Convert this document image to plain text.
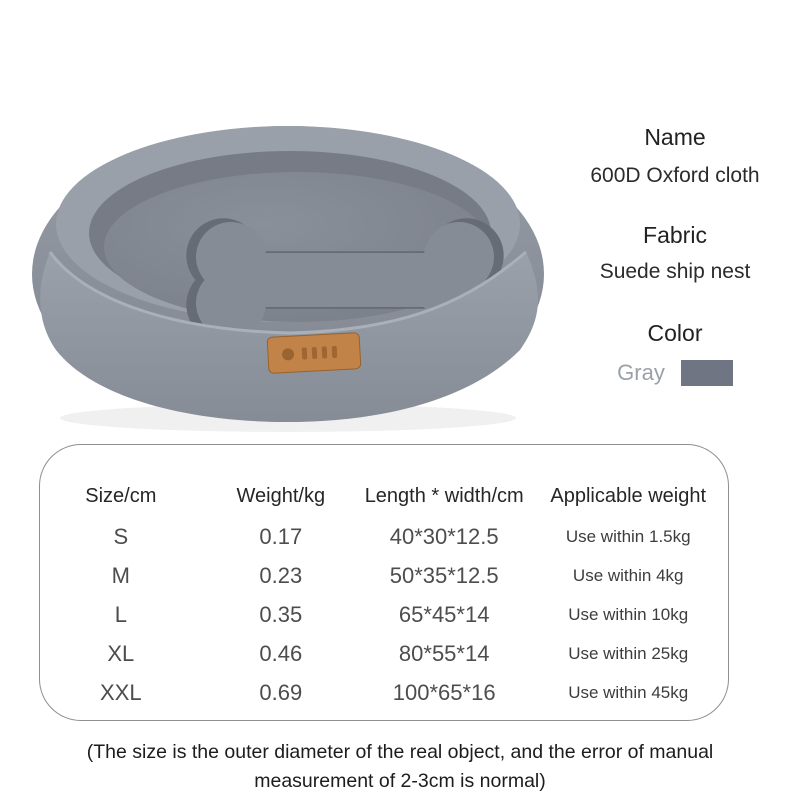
Name
600D Oxford cloth
Fabric
Suede ship nest
Color
Gray
Size/cm	Weight/kg	Length * width/cm	Applicable weight
S	0.17	40*30*12.5	Use within 1.5kg
M	0.23	50*35*12.5	Use within 4kg
L	0.35	65*45*14	Use within 10kg
XL	0.46	80*55*14	Use within 25kg
XXL	0.69	100*65*16	Use within 45kg
(The size is the outer diameter of the real object, and the error of manual measurement of 2-3cm is normal)
